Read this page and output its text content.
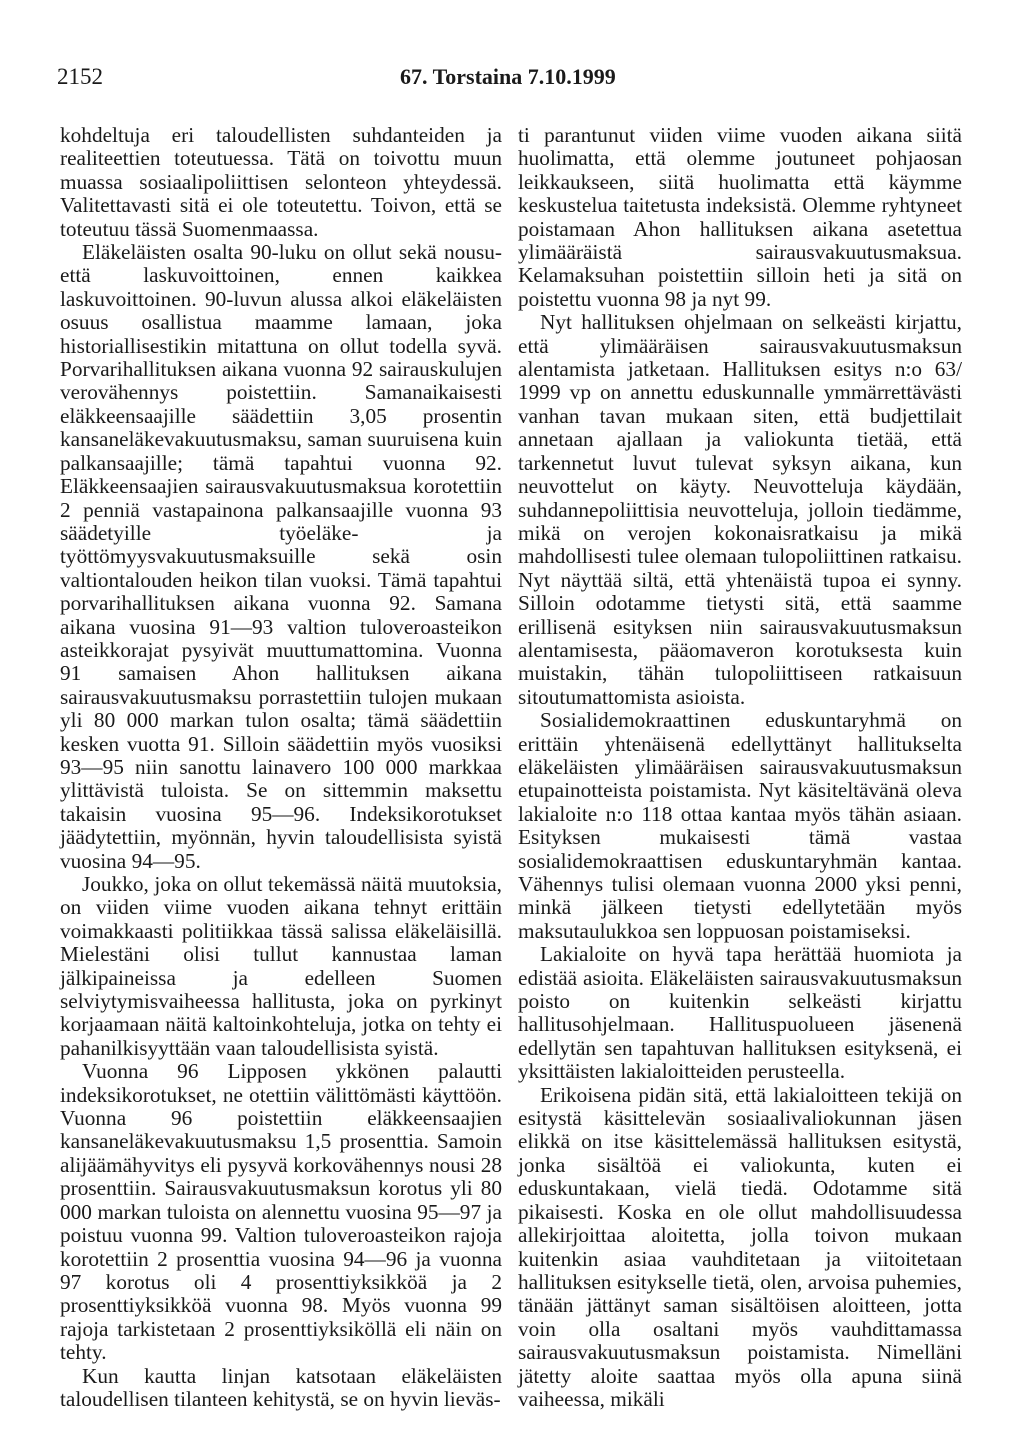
2152	67. Torstaina 7.10.1999

kohdeltuja eri taloudellisten suhdanteiden ja realiteettien toteutuessa. Tätä on toivottu muun muassa sosiaalipoliittisen selonteon yhteydessä. Valitettavasti sitä ei ole toteutettu. Toivon, että se toteutuu tässä Suomenmaassa.

Eläkeläisten osalta 90-luku on ollut sekä nousu- että laskuvoittoinen, ennen kaikkea laskuvoittoinen. 90-luvun alussa alkoi eläkeläisten osuus osallistua maamme lamaan, joka historiallisestikin mitattuna on ollut todella syvä. Porvarihallituksen aikana vuonna 92 sairauskulujen verovähennys poistettiin. Samanaikaisesti eläkkeensaajille säädettiin 3,05 prosentin kansaneläkevakuutusmaksu, saman suuruisena kuin palkansaajille; tämä tapahtui vuonna 92. Eläkkeensaajien sairausvakuutusmaksua korotettiin 2 penniä vastapainona palkansaajille vuonna 93 säädetyille työeläke- ja työttömyysvakuutusmaksuille sekä osin valtiontalouden heikon tilan vuoksi. Tämä tapahtui porvarihallituksen aikana vuonna 92. Samana aikana vuosina 91—93 valtion tuloveroasteikon asteikkorajat pysyivät muuttumattomina. Vuonna 91 samaisen Ahon hallituksen aikana sairausvakuutusmaksu porrastettiin tulojen mukaan yli 80 000 markan tulon osalta; tämä säädettiin kesken vuotta 91. Silloin säädettiin myös vuosiksi 93—95 niin sanottu lainavero 100 000 markkaa ylittävistä tuloista. Se on sittemmin maksettu takaisin vuosina 95—96. Indeksikorotukset jäädytettiin, myönnän, hyvin taloudellisista syistä vuosina 94—95.

Joukko, joka on ollut tekemässä näitä muutoksia, on viiden viime vuoden aikana tehnyt erittäin voimakkaasti politiikkaa tässä salissa eläkeläisillä. Mielestäni olisi tullut kannustaa laman jälkipaineissa ja edelleen Suomen selviytymisvaiheessa hallitusta, joka on pyrkinyt korjaamaan näitä kaltoinkohteluja, jotka on tehty ei pahanilkisyyttään vaan taloudellisista syistä.

Vuonna 96 Lipposen ykkönen palautti indeksikorotukset, ne otettiin välittömästi käyttöön. Vuonna 96 poistettiin eläkkeensaajien kansaneläkevakuutusmaksu 1,5 prosenttia. Samoin alijäämähyvitys eli pysyvä korkovähennys nousi 28 prosenttiin. Sairausvakuutusmaksun korotus yli 80 000 markan tuloista on alennettu vuosina 95—97 ja poistuu vuonna 99. Valtion tuloveroasteikon rajoja korotettiin 2 prosenttia vuosina 94—96 ja vuonna 97 korotus oli 4 prosenttiyksikköä ja 2 prosenttiyksikköä vuonna 98. Myös vuonna 99 rajoja tarkistetaan 2 prosenttiyksiköllä eli näin on tehty.

Kun kautta linjan katsotaan eläkeläisten taloudellisen tilanteen kehitystä, se on hyvin lieväs-

ti parantunut viiden viime vuoden aikana siitä huolimatta, että olemme joutuneet pohjaosan leikkaukseen, siitä huolimatta että käymme keskustelua taitetusta indeksistä. Olemme ryhtyneet poistamaan Ahon hallituksen aikana asetettua ylimääräistä sairausvakuutusmaksua. Kelamaksuhan poistettiin silloin heti ja sitä on poistettu vuonna 98 ja nyt 99.

Nyt hallituksen ohjelmaan on selkeästi kirjattu, että ylimääräisen sairausvakuutusmaksun alentamista jatketaan. Hallituksen esitys n:o 63/ 1999 vp on annettu eduskunnalle ymmärrettävästi vanhan tavan mukaan siten, että budjettilait annetaan ajallaan ja valiokunta tietää, että tarkennetut luvut tulevat syksyn aikana, kun neuvottelut on käyty. Neuvotteluja käydään, suhdannepoliittisia neuvotteluja, jolloin tiedämme, mikä on verojen kokonaisratkaisu ja mikä mahdollisesti tulee olemaan tulopoliittinen ratkaisu. Nyt näyttää siltä, että yhtenäistä tupoa ei synny. Silloin odotamme tietysti sitä, että saamme erillisenä esityksen niin sairausvakuutusmaksun alentamisesta, pääomaveron korotuksesta kuin muistakin, tähän tulopoliittiseen ratkaisuun sitoutumattomista asioista.

Sosialidemokraattinen eduskuntaryhmä on erittäin yhtenäisenä edellyttänyt hallitukselta eläkeläisten ylimääräisen sairausvakuutusmaksun etupainotteista poistamista. Nyt käsiteltävänä oleva lakialoite n:o 118 ottaa kantaa myös tähän asiaan. Esityksen mukaisesti tämä vastaa sosialidemokraattisen eduskuntaryhmän kantaa. Vähennys tulisi olemaan vuonna 2000 yksi penni, minkä jälkeen tietysti edellytetään myös maksutaulukkoa sen loppuosan poistamiseksi.

Lakialoite on hyvä tapa herättää huomiota ja edistää asioita. Eläkeläisten sairausvakuutusmaksun poisto on kuitenkin selkeästi kirjattu hallitusohjelmaan. Hallituspuolueen jäsenenä edellytän sen tapahtuvan hallituksen esityksenä, ei yksittäisten lakialoitteiden perusteella.

Erikoisena pidän sitä, että lakialoitteen tekijä on esitystä käsittelevän sosiaalivaliokunnan jäsen elikkä on itse käsittelemässä hallituksen esitystä, jonka sisältöä ei valiokunta, kuten ei eduskuntakaan, vielä tiedä. Odotamme sitä pikaisesti. Koska en ole ollut mahdollisuudessa allekirjoittaa aloitetta, jolla toivon mukaan kuitenkin asiaa vauhditetaan ja viitoitetaan hallituksen esitykselle tietä, olen, arvoisa puhemies, tänään jättänyt saman sisältöisen aloitteen, jotta voin olla osaltani myös vauhdittamassa sairausvakuutusmaksun poistamista. Nimelläni jätetty aloite saattaa myös olla apuna siinä vaiheessa, mikäli
